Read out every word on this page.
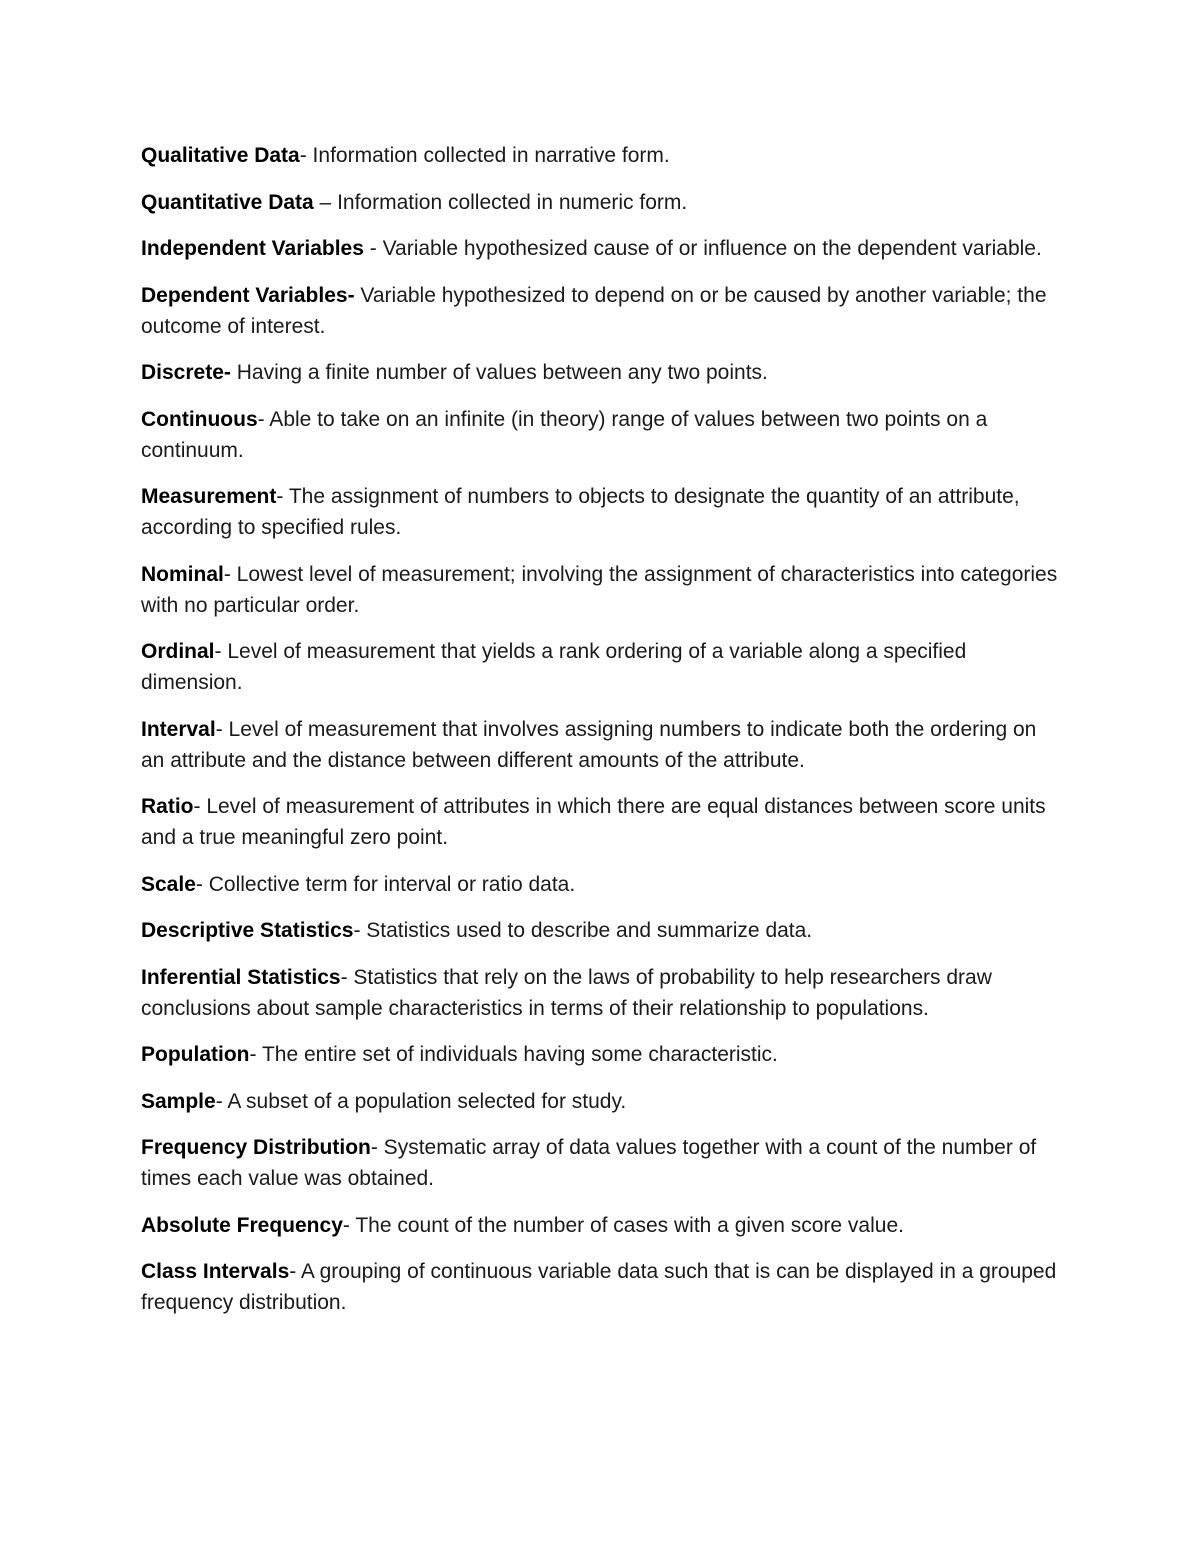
Qualitative Data- Information collected in narrative form.

Quantitative Data – Information collected in numeric form.

Independent Variables - Variable hypothesized cause of or influence on the dependent variable.

Dependent Variables- Variable hypothesized to depend on or be caused by another variable; the outcome of interest.

Discrete- Having a finite number of values between any two points.

Continuous- Able to take on an infinite (in theory) range of values between two points on a continuum.

Measurement- The assignment of numbers to objects to designate the quantity of an attribute, according to specified rules.

Nominal- Lowest level of measurement; involving the assignment of characteristics into categories with no particular order.

Ordinal- Level of measurement that yields a rank ordering of a variable along a specified dimension.

Interval- Level of measurement that involves assigning numbers to indicate both the ordering on an attribute and the distance between different amounts of the attribute.

Ratio- Level of measurement of attributes in which there are equal distances between score units and a true meaningful zero point.

Scale- Collective term for interval or ratio data.

Descriptive Statistics- Statistics used to describe and summarize data.

Inferential Statistics- Statistics that rely on the laws of probability to help researchers draw conclusions about sample characteristics in terms of their relationship to populations.

Population- The entire set of individuals having some characteristic.

Sample- A subset of a population selected for study.

Frequency Distribution- Systematic array of data values together with a count of the number of times each value was obtained.

Absolute Frequency- The count of the number of cases with a given score value.

Class Intervals- A grouping of continuous variable data such that is can be displayed in a grouped frequency distribution.
